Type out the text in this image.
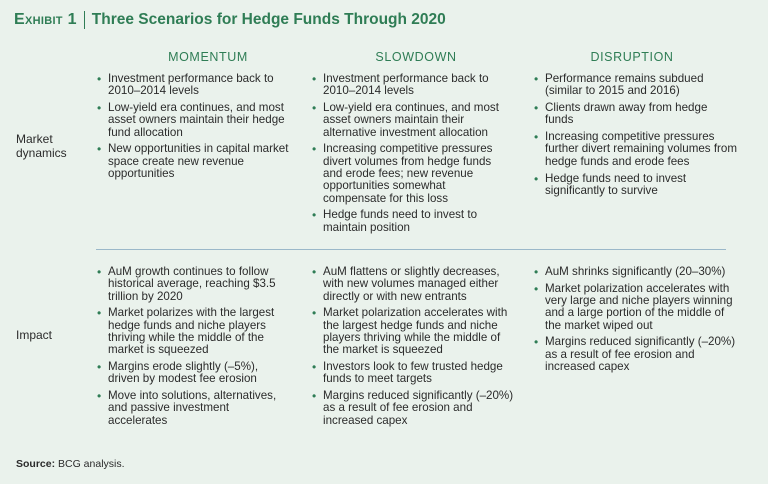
Exhibit 1 Three Scenarios for Hedge Funds Through 2020
MOMENTUM	SLOWDOWN	DISRUPTION
Market
dynamics
Impact
• Investment performance back to 2010–2014 levels
• Low-yield era continues, and most asset owners maintain their hedge fund allocation
• New opportunities in capital market space create new revenue opportunities
• Investment performance back to 2010–2014 levels
• Low-yield era continues, and most asset owners maintain their alternative investment allocation
• Increasing competitive pressures divert volumes from hedge funds and erode fees; new revenue opportunities somewhat compensate for this loss
• Hedge funds need to invest to maintain position
• Performance remains subdued (similar to 2015 and 2016)
• Clients drawn away from hedge funds
• Increasing competitive pressures further divert remaining volumes from hedge funds and erode fees
• Hedge funds need to invest significantly to survive
• AuM growth continues to follow historical average, reaching $3.5 trillion by 2020
• Market polarizes with the largest hedge funds and niche players thriving while the middle of the market is squeezed
• Margins erode slightly (–5%), driven by modest fee erosion
• Move into solutions, alternatives, and passive investment accelerates
• AuM flattens or slightly decreases, with new volumes managed either directly or with new entrants
• Market polarization accelerates with the largest hedge funds and niche players thriving while the middle of the market is squeezed
• Investors look to few trusted hedge funds to meet targets
• Margins reduced significantly (–20%) as a result of fee erosion and increased capex
• AuM shrinks significantly (20–30%)
• Market polarization accelerates with very large and niche players winning and a large portion of the middle of the market wiped out
• Margins reduced significantly (–20%) as a result of fee erosion and increased capex
Source: BCG analysis.
